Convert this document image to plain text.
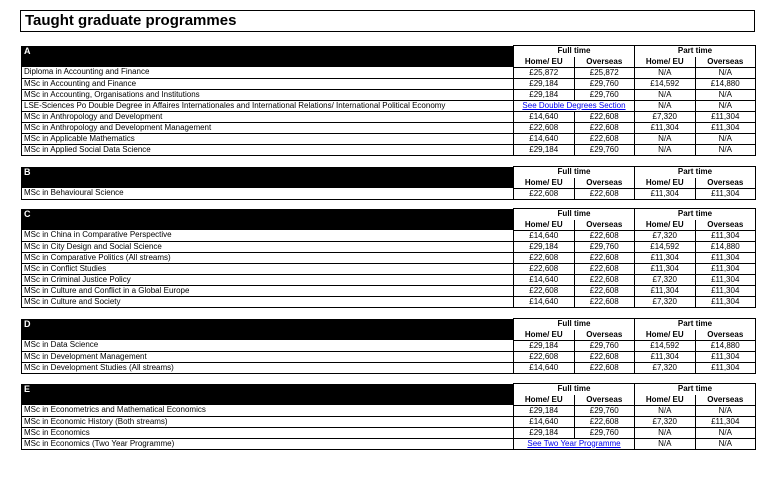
Taught graduate programmes
A	Full time		Part time	
	Home/ EU	Overseas	Home/ EU	Overseas
Diploma in Accounting and Finance	£25,872	£25,872	N/A	N/A
MSc in Accounting and Finance	£29,184	£29,760	£14,592	£14,880
MSc in Accounting, Organisations and Institutions	£29,184	£29,760	N/A	N/A
LSE-Sciences Po Double Degree in Affaires Internationales and International Relations/ International Political Economy	See Double Degrees Section		N/A	N/A
MSc in Anthropology and Development	£14,640	£22,608	£7,320	£11,304
MSc in Anthropology and Development Management	£22,608	£22,608	£11,304	£11,304
MSc in Applicable Mathematics	£14,640	£22,608	N/A	N/A
MSc in Applied Social Data Science	£29,184	£29,760	N/A	N/A
B	Full time		Part time	
	Home/ EU	Overseas	Home/ EU	Overseas
MSc in Behavioural Science	£22,608	£22,608	£11,304	£11,304
C	Full time		Part time	
	Home/ EU	Overseas	Home/ EU	Overseas
MSc in China in Comparative Perspective	£14,640	£22,608	£7,320	£11,304
MSc in City Design and Social Science	£29,184	£29,760	£14,592	£14,880
MSc in Comparative Politics (All streams)	£22,608	£22,608	£11,304	£11,304
MSc in Conflict Studies	£22,608	£22,608	£11,304	£11,304
MSc in Criminal Justice Policy	£14,640	£22,608	£7,320	£11,304
MSc in Culture and Conflict in a Global Europe	£22,608	£22,608	£11,304	£11,304
MSc in Culture and Society	£14,640	£22,608	£7,320	£11,304
D	Full time		Part time	
	Home/ EU	Overseas	Home/ EU	Overseas
MSc in Data Science	£29,184	£29,760	£14,592	£14,880
MSc in Development Management	£22,608	£22,608	£11,304	£11,304
MSc in Development Studies (All streams)	£14,640	£22,608	£7,320	£11,304
E	Full time		Part time	
	Home/ EU	Overseas	Home/ EU	Overseas
MSc in Econometrics and Mathematical Economics	£29,184	£29,760	N/A	N/A
MSc in Economic History (Both streams)	£14,640	£22,608	£7,320	£11,304
MSc in Economics	£29,184	£29,760	N/A	N/A
MSc in Economics (Two Year Programme)	See Two Year Programme		N/A	N/A
